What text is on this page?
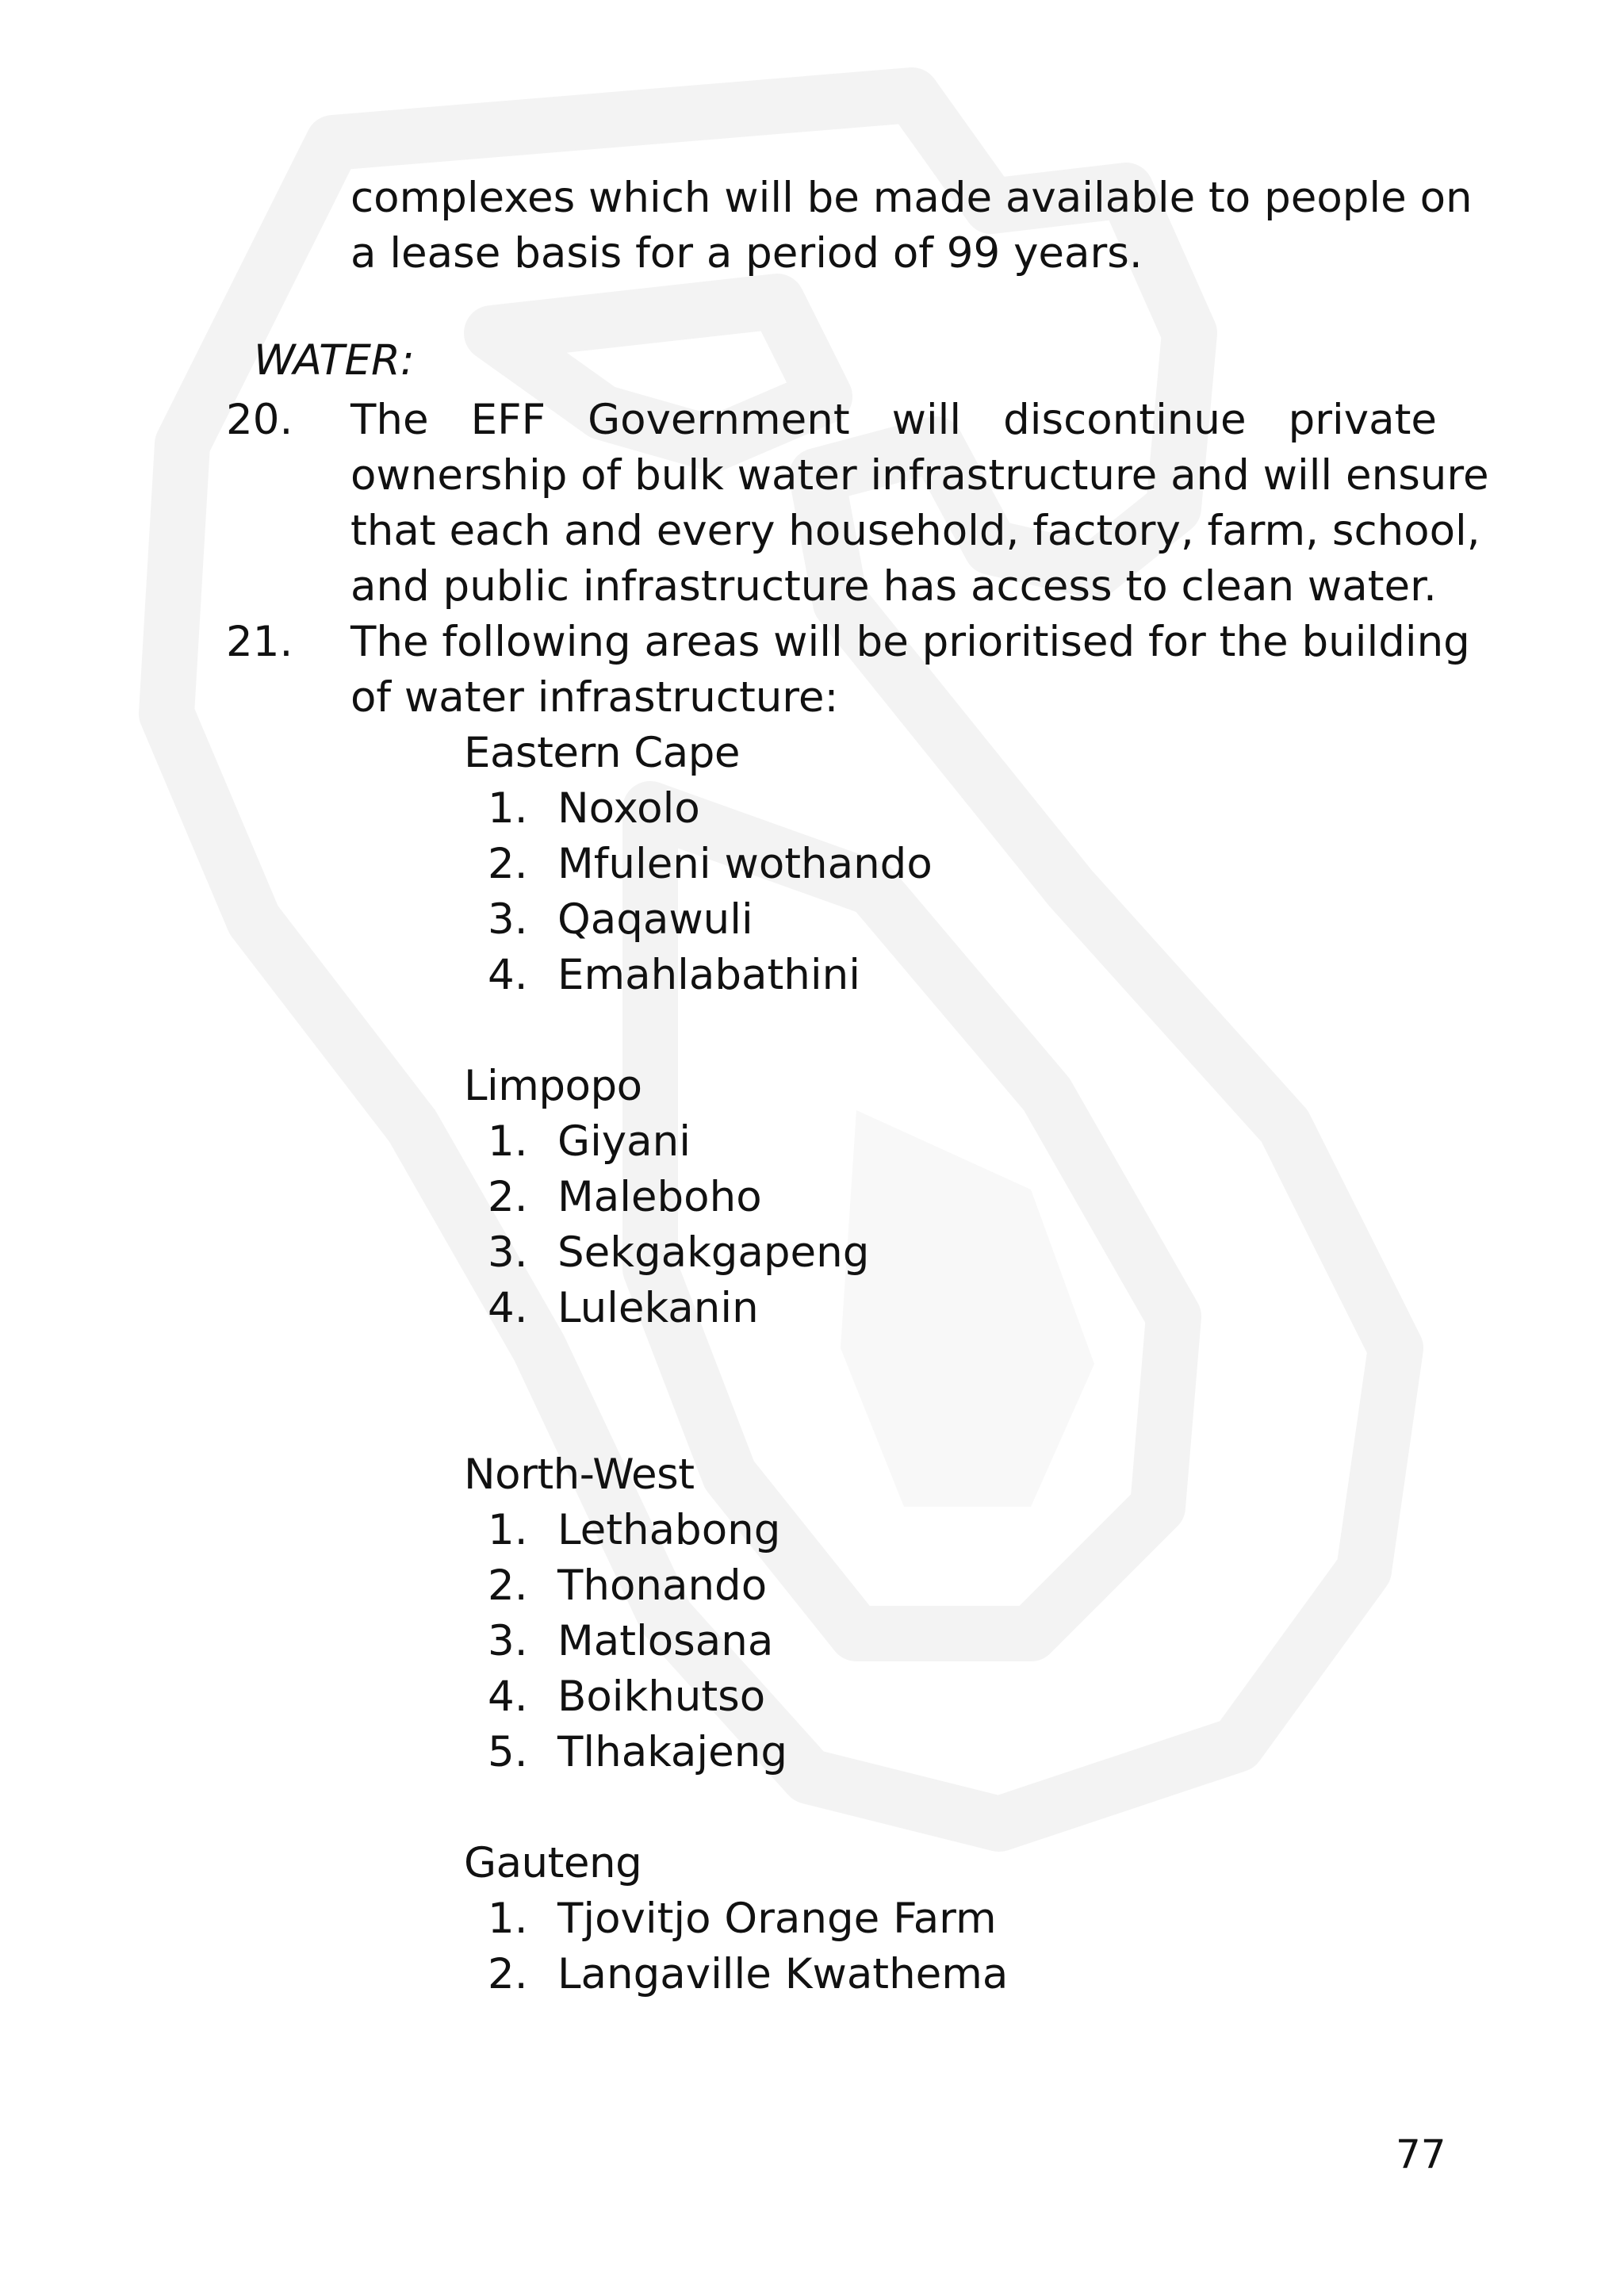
complexes which will be made available to people on
a lease basis for a period of 99 years.
WATER:
20. The EFF Government will discontinue private
ownership of bulk water infrastructure and will ensure
that each and every household, factory, farm, school,
and public infrastructure has access to clean water.
21. The following areas will be prioritised for the building
of water infrastructure:
Eastern Cape
1. Noxolo
2. Mfuleni wothando
3. Qaqawuli
4. Emahlabathini
Limpopo
1. Giyani
2. Maleboho
3. Sekgakgapeng
4. Lulekanin
North-West
1. Lethabong
2. Thonando
3. Matlosana
4. Boikhutso
5. Tlhakajeng
Gauteng
1. Tjovitjo Orange Farm
2. Langaville Kwathema
77
